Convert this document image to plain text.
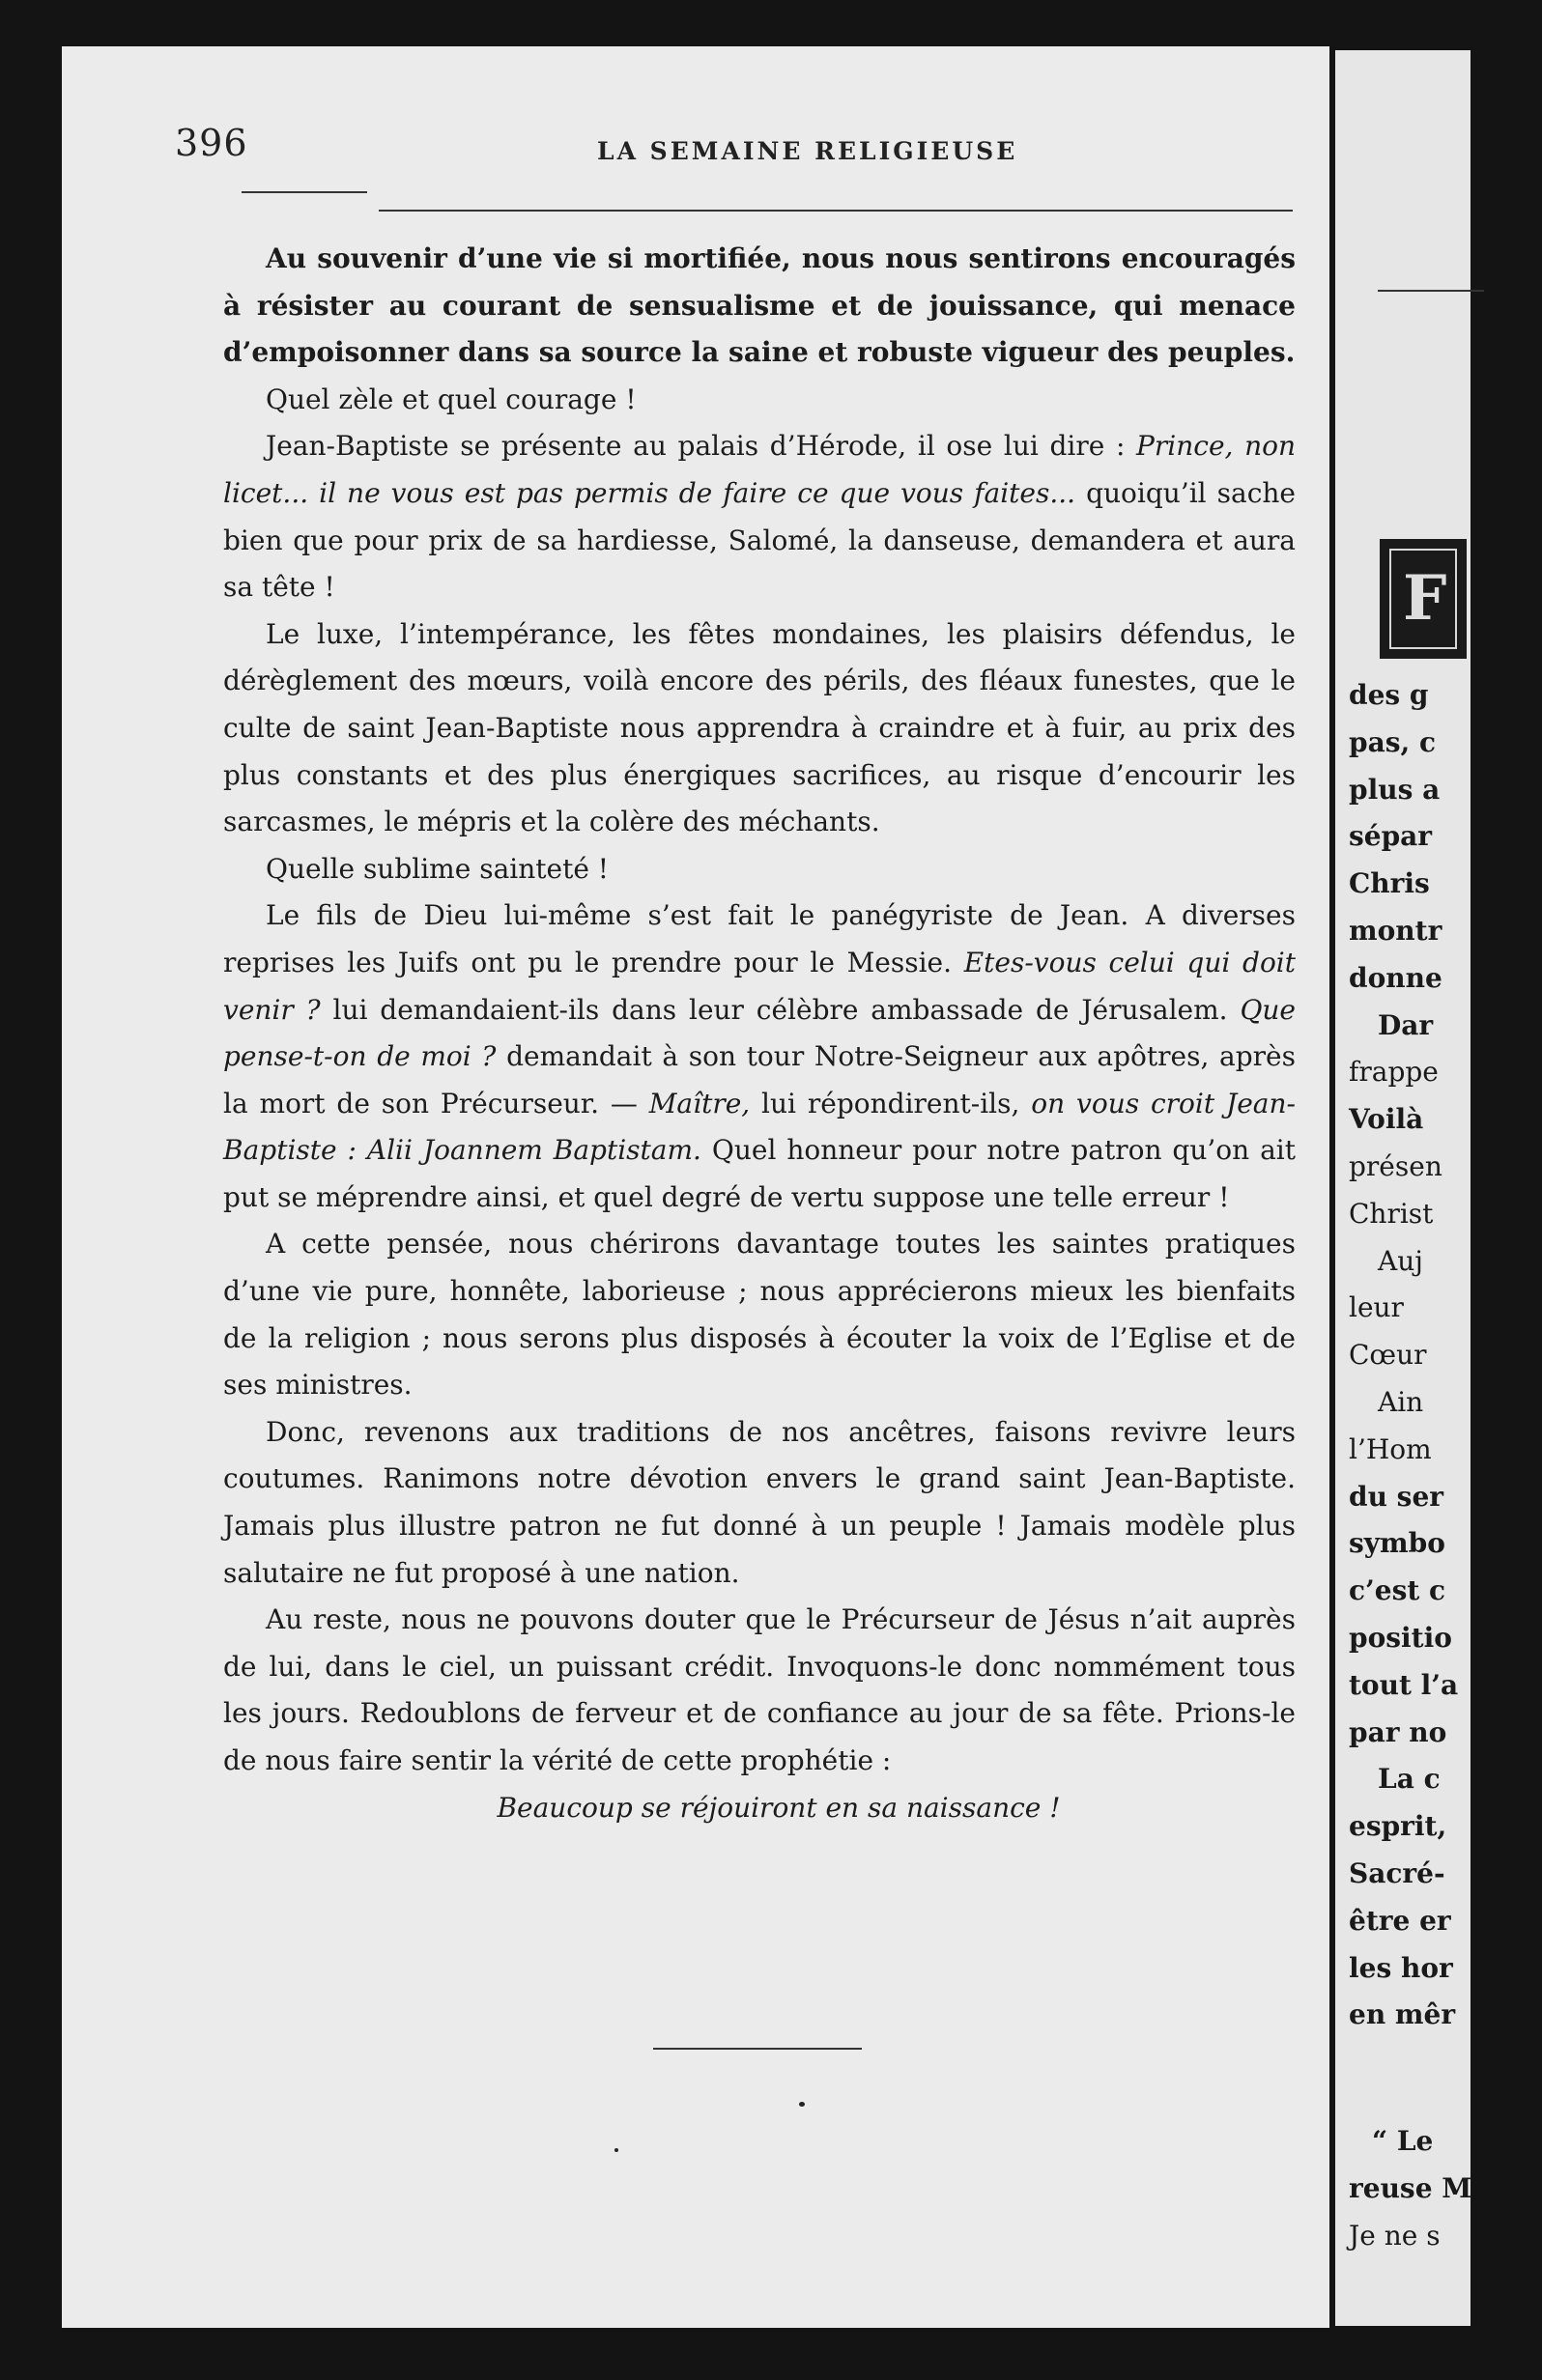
F
des g
pas, c
plus a
sépar
Chris
montr
donne
Dar
frappe
Voilà
présen
Christ
Auj
leur
Cœur
Ain
l’Hom
du ser
symbo
c’est c
positio
tout l’a
par no
La c
esprit,
Sacré-
être er
les hor
en mêr
“ Le
reuse M
Je ne s
396	LA SEMAINE RELIGIEUSE

Au souvenir d’une vie si mortifiée, nous nous sentirons encouragés à résister au courant de sensualisme et de jouissance, qui menace d’empoisonner dans sa source la saine et robuste vigueur des peuples.

Quel zèle et quel courage !

Jean-Baptiste se présente au palais d’Hérode, il ose lui dire : Prince, non licet... il ne vous est pas permis de faire ce que vous faites... quoiqu’il sache bien que pour prix de sa hardiesse, Salomé, la danseuse, demandera et aura sa tête !

Le luxe, l’intempérance, les fêtes mondaines, les plaisirs défendus, le dérèglement des mœurs, voilà encore des périls, des fléaux funestes, que le culte de saint Jean-Baptiste nous apprendra à craindre et à fuir, au prix des plus constants et des plus énergiques sacrifices, au risque d’encourir les sarcasmes, le mépris et la colère des méchants.

Quelle sublime sainteté !

Le fils de Dieu lui-même s’est fait le panégyriste de Jean. A diverses reprises les Juifs ont pu le prendre pour le Messie. Etes-vous celui qui doit venir ? lui demandaient-ils dans leur célèbre ambassade de Jérusalem. Que pense-t-on de moi ? demandait à son tour Notre-Seigneur aux apôtres, après la mort de son Précurseur. — Maître, lui répondirent-ils, on vous croit Jean-Baptiste : Alii Joannem Baptistam. Quel honneur pour notre patron qu’on ait put se méprendre ainsi, et quel degré de vertu suppose une telle erreur !

A cette pensée, nous chérirons davantage toutes les saintes pratiques d’une vie pure, honnête, laborieuse ; nous apprécierons mieux les bienfaits de la religion ; nous serons plus disposés à écouter la voix de l’Eglise et de ses ministres.

Donc, revenons aux traditions de nos ancêtres, faisons revivre leurs coutumes. Ranimons notre dévotion envers le grand saint Jean-Baptiste. Jamais plus illustre patron ne fut donné à un peuple ! Jamais modèle plus salutaire ne fut proposé à une nation.

Au reste, nous ne pouvons douter que le Précurseur de Jésus n’ait auprès de lui, dans le ciel, un puissant crédit. Invoquons-le donc nommément tous les jours. Redoublons de ferveur et de confiance au jour de sa fête. Prions-le de nous faire sentir la vérité de cette prophétie :

Beaucoup se réjouiront en sa naissance !
